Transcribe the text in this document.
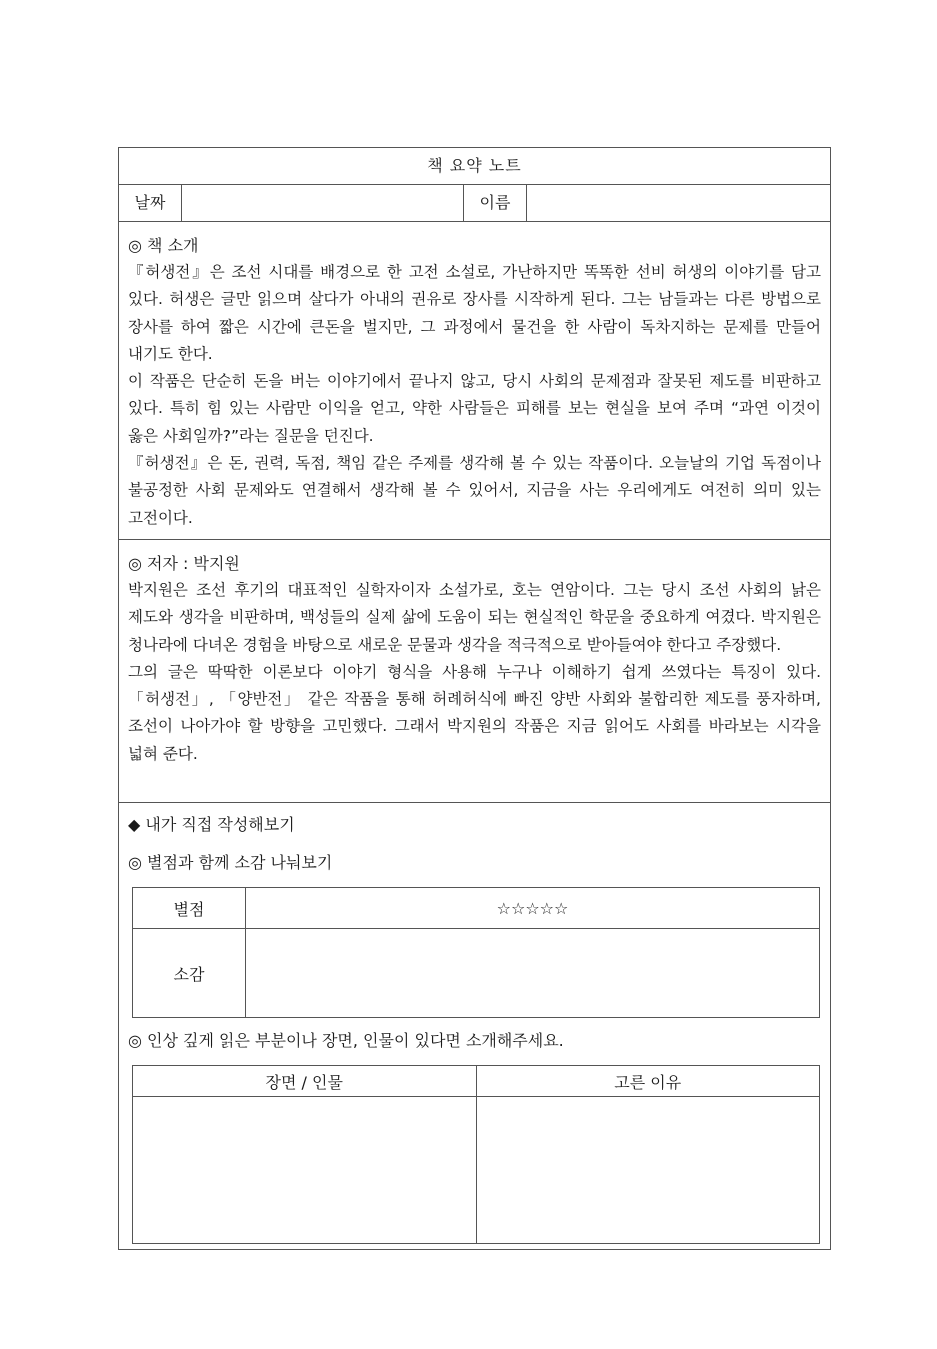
책 요약 노트
날짜	이름
◎ 책 소개

『허생전』은 조선 시대를 배경으로 한 고전 소설로, 가난하지만 똑똑한 선비 허생의 이야기를 담고 있다. 허생은 글만 읽으며 살다가 아내의 권유로 장사를 시작하게 된다. 그는 남들과는 다른 방법으로 장사를 하여 짧은 시간에 큰돈을 벌지만, 그 과정에서 물건을 한 사람이 독차지하는 문제를 만들어 내기도 한다.

이 작품은 단순히 돈을 버는 이야기에서 끝나지 않고, 당시 사회의 문제점과 잘못된 제도를 비판하고 있다. 특히 힘 있는 사람만 이익을 얻고, 약한 사람들은 피해를 보는 현실을 보여 주며 “과연 이것이 옳은 사회일까?”라는 질문을 던진다.

『허생전』은 돈, 권력, 독점, 책임 같은 주제를 생각해 볼 수 있는 작품이다. 오늘날의 기업 독점이나 불공정한 사회 문제와도 연결해서 생각해 볼 수 있어서, 지금을 사는 우리에게도 여전히 의미 있는 고전이다.

◎ 저자 : 박지원

박지원은 조선 후기의 대표적인 실학자이자 소설가로, 호는 연암이다. 그는 당시 조선 사회의 낡은 제도와 생각을 비판하며, 백성들의 실제 삶에 도움이 되는 현실적인 학문을 중요하게 여겼다. 박지원은 청나라에 다녀온 경험을 바탕으로 새로운 문물과 생각을 적극적으로 받아들여야 한다고 주장했다.

그의 글은 딱딱한 이론보다 이야기 형식을 사용해 누구나 이해하기 쉽게 쓰였다는 특징이 있다. 「허생전」, 「양반전」 같은 작품을 통해 허례허식에 빠진 양반 사회와 불합리한 제도를 풍자하며, 조선이 나아가야 할 방향을 고민했다. 그래서 박지원의 작품은 지금 읽어도 사회를 바라보는 시각을 넓혀 준다.

◆ 내가 직접 작성해보기
◎ 별점과 함께 소감 나눠보기
별점	☆☆☆☆☆
소감	
◎ 인상 깊게 읽은 부분이나 장면, 인물이 있다면 소개해주세요.
장면 / 인물	고른 이유
